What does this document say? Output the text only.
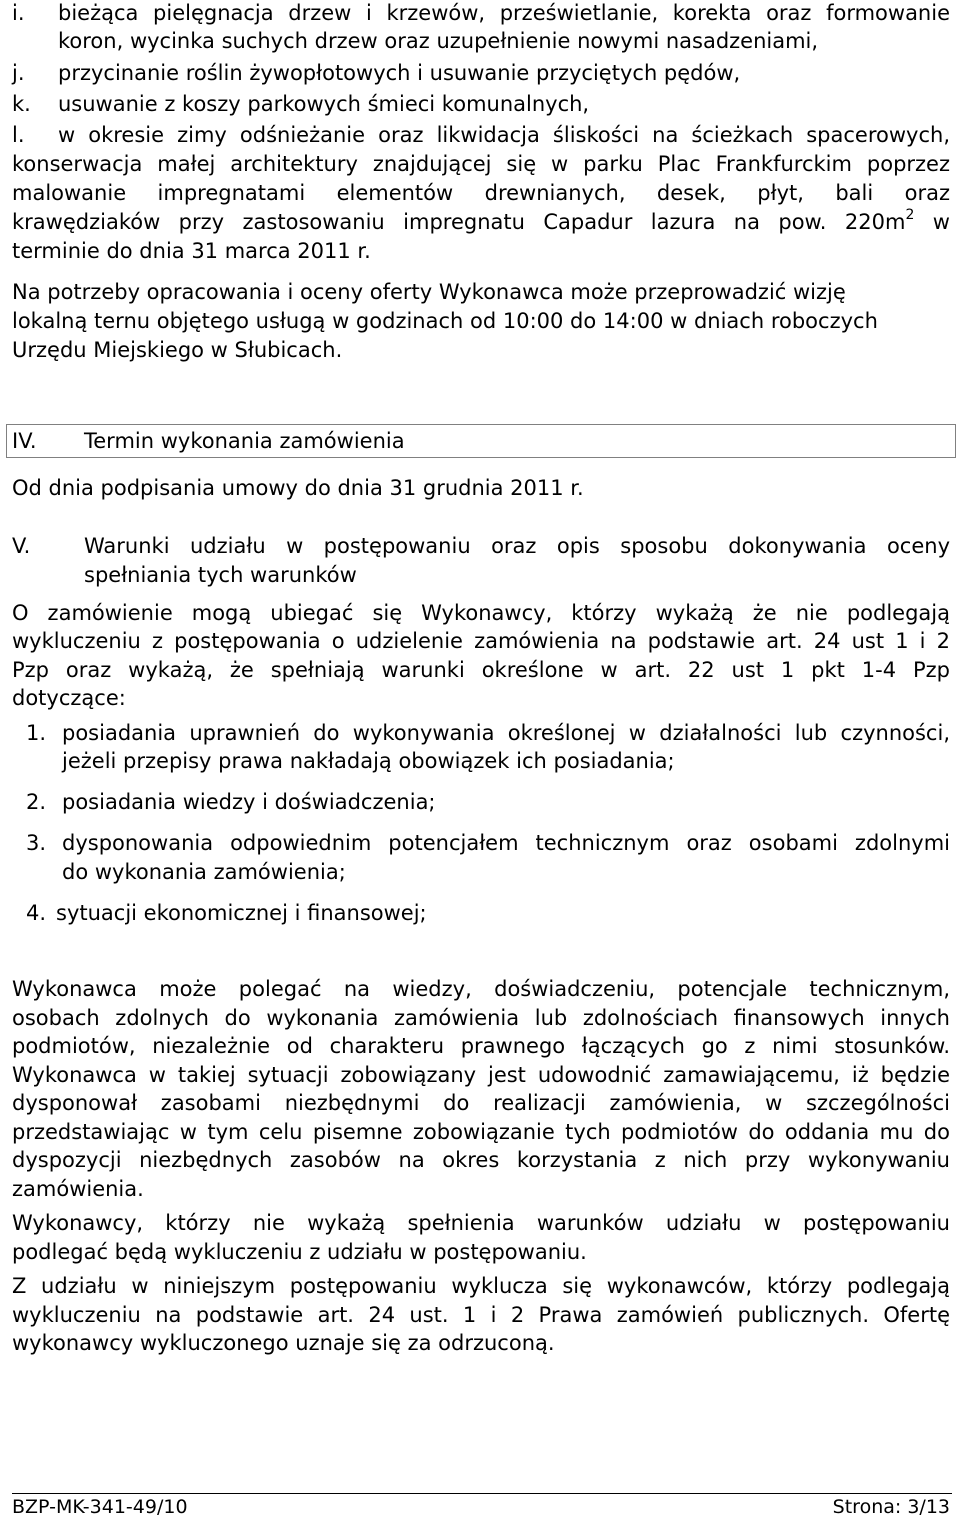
i. bieżąca pielęgnacja drzew i krzewów, prześwietlanie, korekta oraz formowanie
koron, wycinka suchych drzew oraz uzupełnienie nowymi nasadzeniami,
j. przycinanie roślin żywopłotowych i usuwanie przyciętych pędów,
k. usuwanie z koszy parkowych śmieci komunalnych,
l. w okresie zimy odśnieżanie oraz likwidacja śliskości na ścieżkach spacerowych,
konserwacja małej architektury znajdującej się w parku Plac Frankfurckim poprzez
malowanie impregnatami elementów drewnianych, desek, płyt, bali oraz
krawędziaków przy zastosowaniu impregnatu Capadur lazura na pow. $220m^2$ w
terminie do dnia 31 marca 2011 r.
Na potrzeby opracowania i oceny oferty Wykonawca może przeprowadzić wizję
lokalną ternu objętego usługą w godzinach od 10:00 do 14:00 w dniach roboczych
Urzędu Miejskiego w Słubicach.
IV. Termin wykonania zamówienia
Od dnia podpisania umowy do dnia 31 grudnia 2011 r.
V.	Warunki udziału w postępowaniu oraz opis sposobu dokonywania oceny
spełniania tych warunków
O zamówienie mogą ubiegać się Wykonawcy, którzy wykażą że nie podlegają
wykluczeniu z postępowania o udzielenie zamówienia na podstawie art. 24 ust 1 i 2
Pzp oraz wykażą, że spełniają warunki określone w art. 22 ust 1 pkt 1-4 Pzp
dotyczące:
1. posiadania uprawnień do wykonywania określonej w działalności lub czynności,
jeżeli przepisy prawa nakładają obowiązek ich posiadania;
2. posiadania wiedzy i doświadczenia;
3. dysponowania odpowiednim potencjałem technicznym oraz osobami zdolnymi
do wykonania zamówienia;
4. sytuacji ekonomicznej i finansowej;
Wykonawca może polegać na wiedzy, doświadczeniu, potencjale technicznym,
osobach zdolnych do wykonania zamówienia lub zdolnościach finansowych innych
podmiotów, niezależnie od charakteru prawnego łączących go z nimi stosunków.
Wykonawca w takiej sytuacji zobowiązany jest udowodnić zamawiającemu, iż będzie
dysponował zasobami niezbędnymi do realizacji zamówienia, w szczególności
przedstawiając w tym celu pisemne zobowiązanie tych podmiotów do oddania mu do
dyspozycji niezbędnych zasobów na okres korzystania z nich przy wykonywaniu
zamówienia.
Wykonawcy, którzy nie wykażą spełnienia warunków udziału w postępowaniu
podlegać będą wykluczeniu z udziału w postępowaniu.
Z udziału w niniejszym postępowaniu wyklucza się wykonawców, którzy podlegają
wykluczeniu na podstawie art. 24 ust. 1 i 2 Prawa zamówień publicznych. Ofertę
wykonawcy wykluczonego uznaje się za odrzuconą.
BZP-MK-341-49/10	Strona: 3/13
